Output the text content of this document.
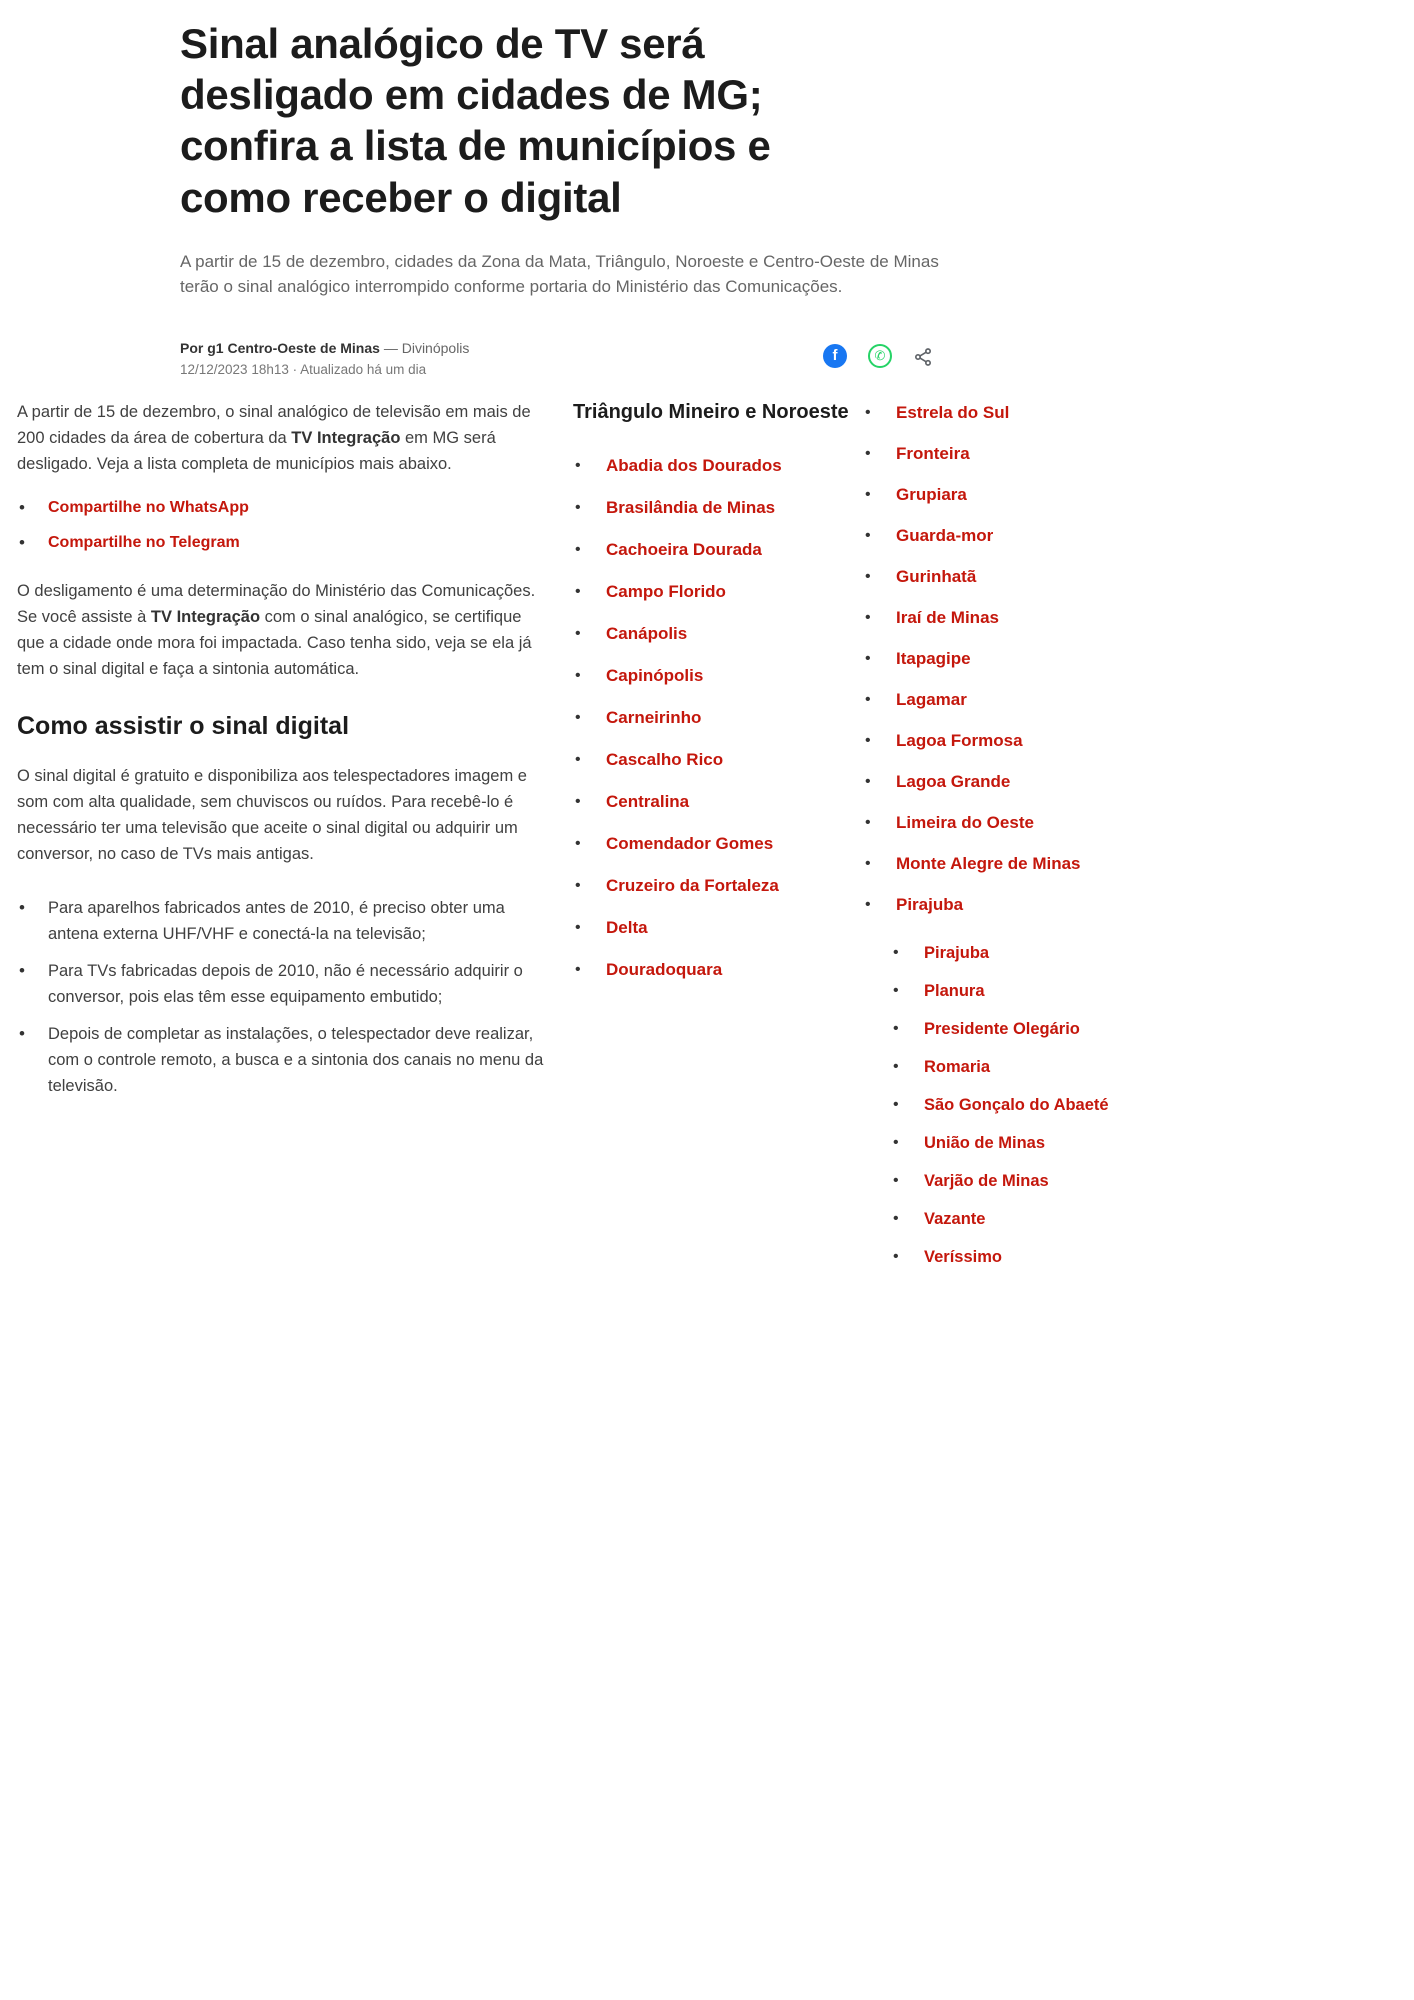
Sinal analógico de TV será desligado em cidades de MG; confira a lista de municípios e como receber o digital

A partir de 15 de dezembro, cidades da Zona da Mata, Triângulo, Noroeste e Centro-Oeste de Minas terão o sinal analógico interrompido conforme portaria do Ministério das Comunicações.

Por g1 Centro-Oeste de Minas — Divinópolis

12/12/2023 18h13 · Atualizado há um dia

f	✆

A partir de 15 de dezembro, o sinal analógico de televisão em mais de 200 cidades da área de cobertura da TV Integração em MG será desligado. Veja a lista completa de municípios mais abaixo.

• Compartilhe no WhatsApp
• Compartilhe no Telegram

O desligamento é uma determinação do Ministério das Comunicações. Se você assiste à TV Integração com o sinal analógico, se certifique que a cidade onde mora foi impactada. Caso tenha sido, veja se ela já tem o sinal digital e faça a sintonia automática.

Como assistir o sinal digital

O sinal digital é gratuito e disponibiliza aos telespectadores imagem e som com alta qualidade, sem chuviscos ou ruídos. Para recebê-lo é necessário ter uma televisão que aceite o sinal digital ou adquirir um conversor, no caso de TVs mais antigas.

• Para aparelhos fabricados antes de 2010, é preciso obter uma antena externa UHF/VHF e conectá-la na televisão;
• Para TVs fabricadas depois de 2010, não é necessário adquirir o conversor, pois elas têm esse equipamento embutido;
• Depois de completar as instalações, o telespectador deve realizar, com o controle remoto, a busca e a sintonia dos canais no menu da televisão.
Triângulo Mineiro e Noroeste
• Abadia dos Dourados
• Brasilândia de Minas
• Cachoeira Dourada
• Campo Florido
• Canápolis
• Capinópolis
• Carneirinho
• Cascalho Rico
• Centralina
• Comendador Gomes
• Cruzeiro da Fortaleza
• Delta
• Douradoquara
• Estrela do Sul
• Fronteira
• Grupiara
• Guarda-mor
• Gurinhatã
• Iraí de Minas
• Itapagipe
• Lagamar
• Lagoa Formosa
• Lagoa Grande
• Limeira do Oeste
• Monte Alegre de Minas
• Pirajuba
• Pirajuba
• Planura
• Presidente Olegário
• Romaria
• São Gonçalo do Abaeté
• União de Minas
• Varjão de Minas
• Vazante
• Veríssimo
